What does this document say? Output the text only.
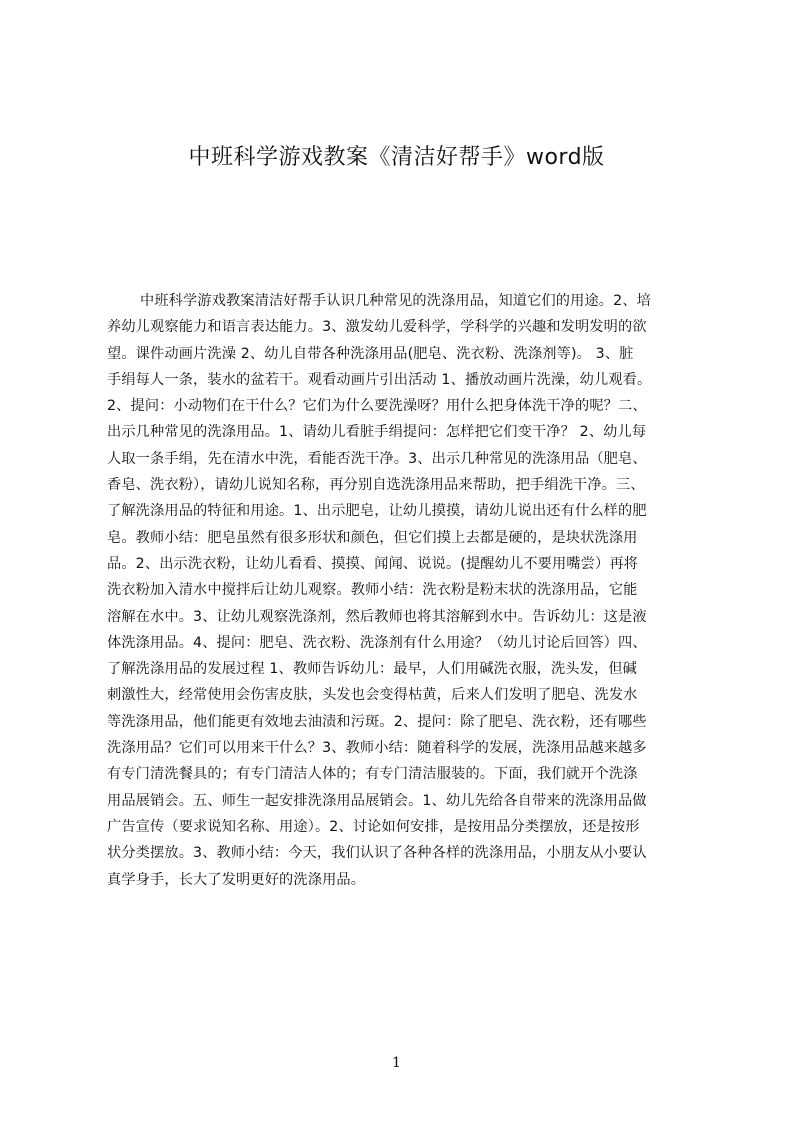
中班科学游戏教案《清洁好帮手》word版
中班科学游戏教案清洁好帮手认识几种常见的洗涤用品，知道它们的用途。2、培
养幼儿观察能力和语言表达能力。3、激发幼儿爱科学，学科学的兴趣和发明发明的欲
望。课件动画片洗澡 2、幼儿自带各种洗涤用品(肥皂、洗衣粉、洗涤剂等)。 3、脏
手绢每人一条，装水的盆若干。观看动画片引出活动 1、播放动画片洗澡，幼儿观看。
2、提问：小动物们在干什么？它们为什么要洗澡呀？用什么把身体洗干净的呢？二、
出示几种常见的洗涤用品。1、请幼儿看脏手绢提问：怎样把它们变干净？ 2、幼儿每
人取一条手绢，先在清水中洗，看能否洗干净。3、出示几种常见的洗涤用品（肥皂、
香皂、洗衣粉），请幼儿说知名称，再分别自选洗涤用品来帮助，把手绢洗干净。三、
了解洗涤用品的特征和用途。1、出示肥皂，让幼儿摸摸，请幼儿说出还有什么样的肥
皂。教师小结：肥皂虽然有很多形状和颜色，但它们摸上去都是硬的，是块状洗涤用
品。2、出示洗衣粉，让幼儿看看、摸摸、闻闻、说说。(提醒幼儿不要用嘴尝）再将
洗衣粉加入清水中搅拌后让幼儿观察。教师小结：洗衣粉是粉末状的洗涤用品，它能
溶解在水中。3、让幼儿观察洗涤剂，然后教师也将其溶解到水中。告诉幼儿：这是液
体洗涤用品。4、提问：肥皂、洗衣粉、洗涤剂有什么用途？（幼儿讨论后回答）四、
了解洗涤用品的发展过程 1、教师告诉幼儿：最早，人们用碱洗衣服，洗头发，但碱
刺激性大，经常使用会伤害皮肤，头发也会变得枯黄，后来人们发明了肥皂、洗发水
等洗涤用品，他们能更有效地去油渍和污斑。2、提问：除了肥皂、洗衣粉，还有哪些
洗涤用品？它们可以用来干什么？3、教师小结：随着科学的发展，洗涤用品越来越多
有专门清洗餐具的；有专门清洁人体的；有专门清洁服装的。下面，我们就开个洗涤
用品展销会。五、师生一起安排洗涤用品展销会。1、幼儿先给各自带来的洗涤用品做
广告宣传（要求说知名称、用途）。2、讨论如何安排，是按用品分类摆放，还是按形
状分类摆放。3、教师小结：今天，我们认识了各种各样的洗涤用品，小朋友从小要认
真学身手，长大了发明更好的洗涤用品。
1
